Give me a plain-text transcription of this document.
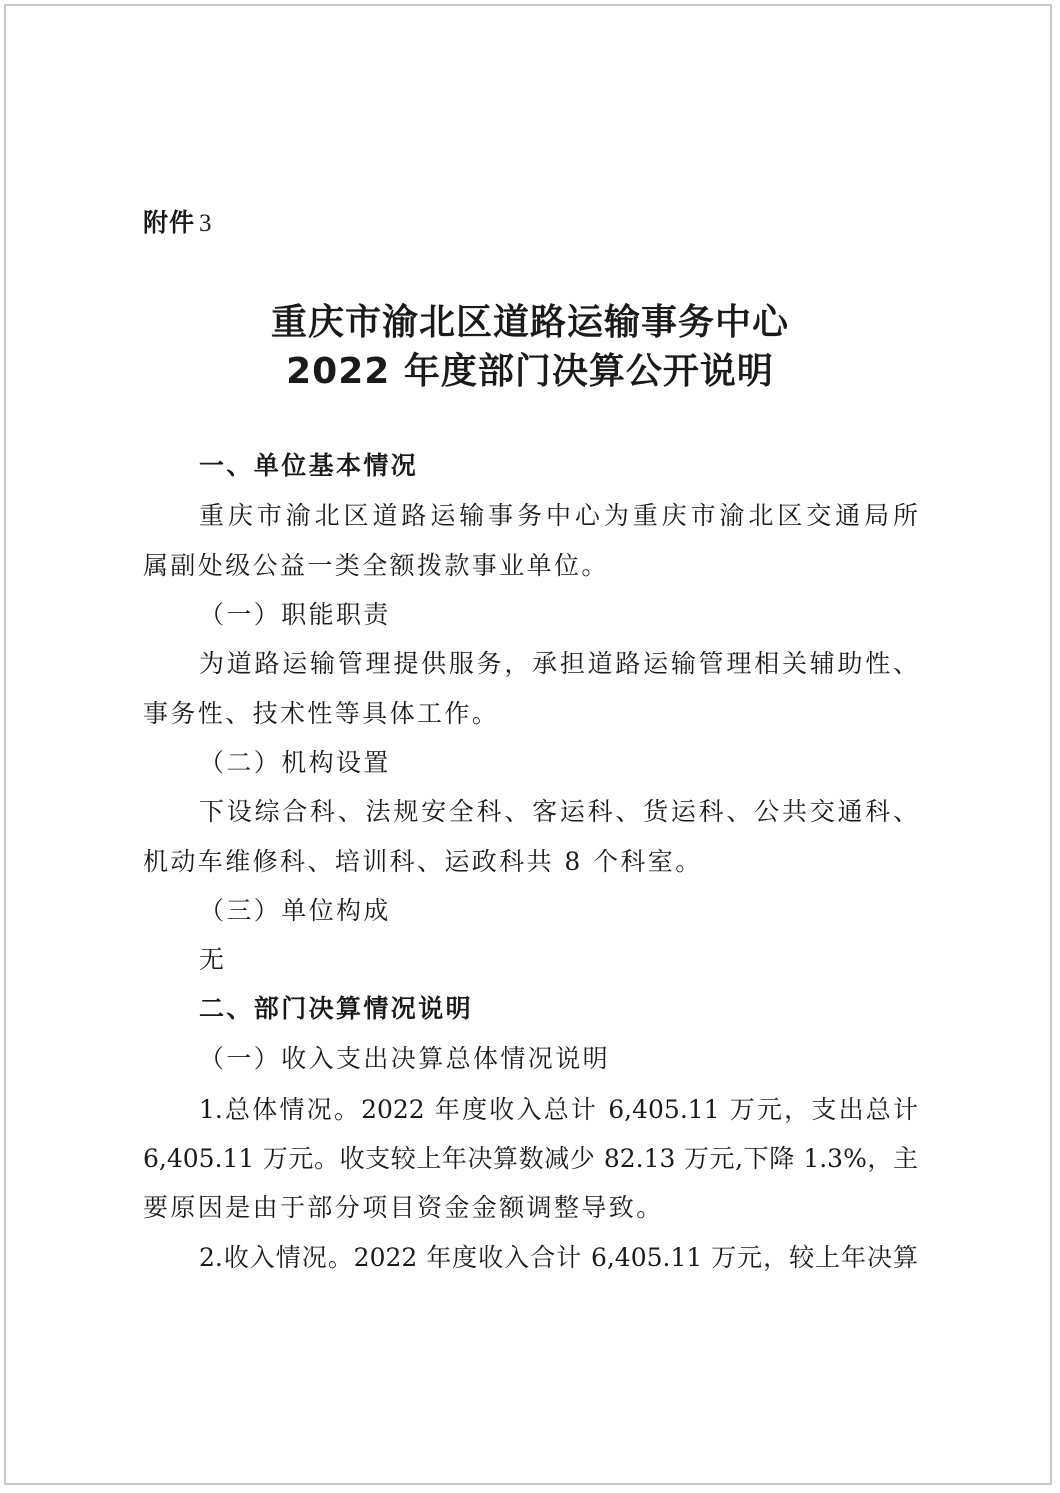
附件 3
重庆市渝北区道路运输事务中心
2022 年度部门决算公开说明
一、单位基本情况
重庆市渝北区道路运输事务中心为重庆市渝北区交通局所
属副处级公益一类全额拨款事业单位。
（一）职能职责
为道路运输管理提供服务，承担道路运输管理相关辅助性、
事务性、技术性等具体工作。
（二）机构设置
下设综合科、法规安全科、客运科、货运科、公共交通科、
机动车维修科、培训科、运政科共 8 个科室。
（三）单位构成
无
二、部门决算情况说明
（一）收入支出决算总体情况说明
1.总体情况。2022 年度收入总计 6,405.11 万元，支出总计
6,405.11 万元。收支较上年决算数减少 82.13 万元,下降 1.3%，主
要原因是由于部分项目资金金额调整导致。
2.收入情况。2022 年度收入合计 6,405.11 万元，较上年决算
